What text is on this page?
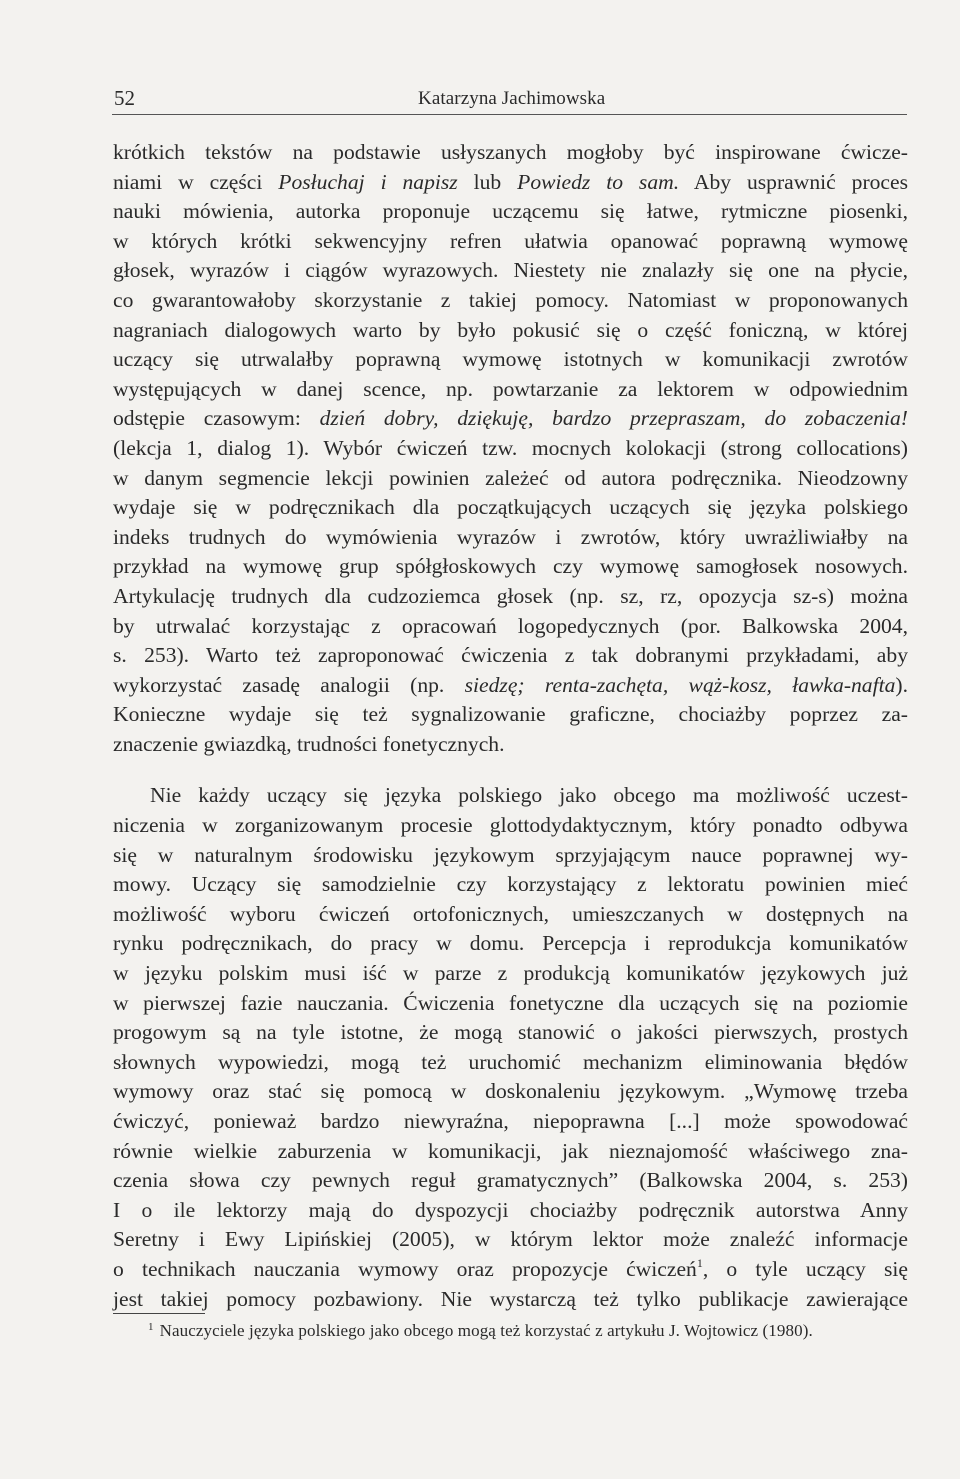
52	Katarzyna Jachimowska
krótkich tekstów na podstawie usłyszanych mogłoby być inspirowane ćwicze-
niami w części Posłuchaj i napisz lub Powiedz to sam. Aby usprawnić proces
nauki mówienia, autorka proponuje uczącemu się łatwe, rytmiczne piosenki,
w których krótki sekwencyjny refren ułatwia opanować poprawną wymowę
głosek, wyrazów i ciągów wyrazowych. Niestety nie znalazły się one na płycie,
co gwarantowałoby skorzystanie z takiej pomocy. Natomiast w proponowanych
nagraniach dialogowych warto by było pokusić się o część foniczną, w której
uczący się utrwalałby poprawną wymowę istotnych w komunikacji zwrotów
występujących w danej scence, np. powtarzanie za lektorem w odpowiednim
odstępie czasowym: dzień dobry, dziękuję, bardzo przepraszam, do zobaczenia!
(lekcja 1, dialog 1). Wybór ćwiczeń tzw. mocnych kolokacji (strong collocations)
w danym segmencie lekcji powinien zależeć od autora podręcznika. Nieodzowny
wydaje się w podręcznikach dla początkujących uczących się języka polskiego
indeks trudnych do wymówienia wyrazów i zwrotów, który uwrażliwiałby na
przykład na wymowę grup spółgłoskowych czy wymowę samogłosek nosowych.
Artykulację trudnych dla cudzoziemca głosek (np. sz, rz, opozycja sz-s) można
by utrwalać korzystając z opracowań logopedycznych (por. Balkowska 2004,
s. 253). Warto też zaproponować ćwiczenia z tak dobranymi przykładami, aby
wykorzystać zasadę analogii (np. siedzę; renta-zachęta, wąż-kosz, ławka-nafta).
Konieczne wydaje się też sygnalizowanie graficzne, chociażby poprzez za-
znaczenie gwiazdką, trudności fonetycznych.
Nie każdy uczący się języka polskiego jako obcego ma możliwość uczest-
niczenia w zorganizowanym procesie glottodydaktycznym, który ponadto odbywa
się w naturalnym środowisku językowym sprzyjającym nauce poprawnej wy-
mowy. Uczący się samodzielnie czy korzystający z lektoratu powinien mieć
możliwość wyboru ćwiczeń ortofonicznych, umieszczanych w dostępnych na
rynku podręcznikach, do pracy w domu. Percepcja i reprodukcja komunikatów
w języku polskim musi iść w parze z produkcją komunikatów językowych już
w pierwszej fazie nauczania. Ćwiczenia fonetyczne dla uczących się na poziomie
progowym są na tyle istotne, że mogą stanowić o jakości pierwszych, prostych
słownych wypowiedzi, mogą też uruchomić mechanizm eliminowania błędów
wymowy oraz stać się pomocą w doskonaleniu językowym. „Wymowę trzeba
ćwiczyć, ponieważ bardzo niewyraźna, niepoprawna [...] może spowodować
równie wielkie zaburzenia w komunikacji, jak nieznajomość właściwego zna-
czenia słowa czy pewnych reguł gramatycznych” (Balkowska 2004, s. 253)
I o ile lektorzy mają do dyspozycji chociażby podręcznik autorstwa Anny
Seretny i Ewy Lipińskiej (2005), w którym lektor może znaleźć informacje
o technikach nauczania wymowy oraz propozycje ćwiczeń$^1$, o tyle uczący się
jest takiej pomocy pozbawiony. Nie wystarczą też tylko publikacje zawierające
$^1$ Nauczyciele języka polskiego jako obcego mogą też korzystać z artykułu J. Wojtowicz (1980).
